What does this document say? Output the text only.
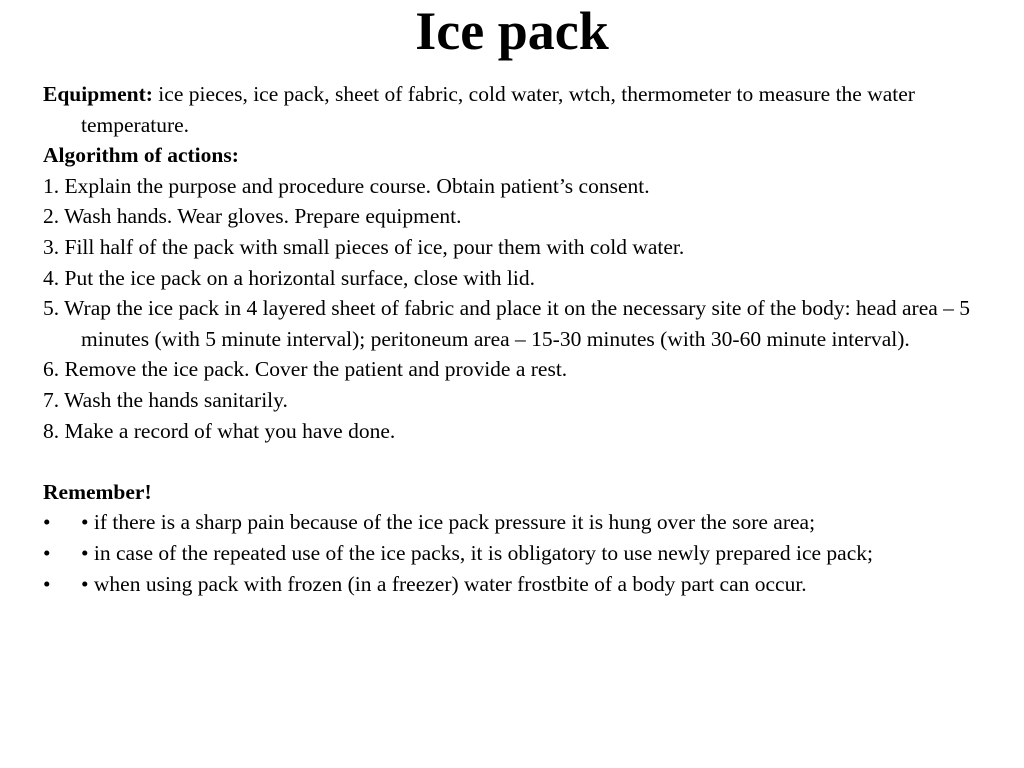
Ice pack
Equipment: ice pieces, ice pack, sheet of fabric, cold water, wtch, thermometer to measure the water temperature.
Algorithm of actions:
1. Explain the purpose and procedure course. Obtain patient’s consent.
2. Wash hands. Wear gloves. Prepare equipment.
3. Fill half of the pack with small pieces of ice, pour them with cold water.
4. Put the ice pack on a horizontal surface, close with lid.
5. Wrap the ice pack in 4 layered sheet of fabric and place it on the necessary site of the body: head area – 5 minutes (with 5 minute interval); peritoneum area – 15-30 minutes (with 30-60 minute interval).
6. Remove the ice pack. Cover the patient and provide a rest.
7. Wash the hands sanitarily.
8. Make a record of what you have done.
Remember!
• • if there is a sharp pain because of the ice pack pressure it is hung over the sore area;
• • in case of the repeated use of the ice packs, it is obligatory to use newly prepared ice pack;
• • when using pack with frozen (in a freezer) water frostbite of a body part can occur.
